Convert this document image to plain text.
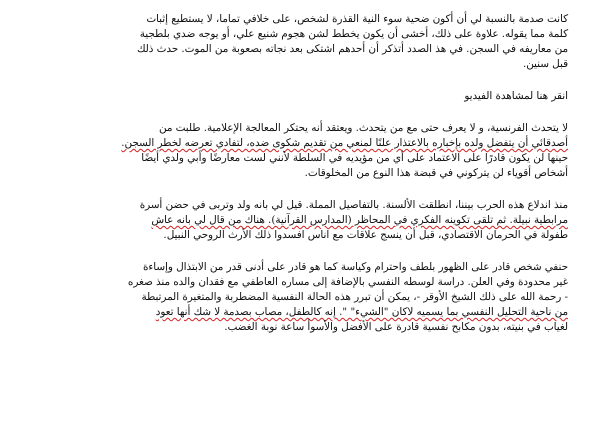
كانت صدمة بالنسبة لي أن أكون ضحية سوء النية القذرة لشخص، على خلافي تماما، لا يستطيع إثبات
كلمة مما يقوله. علاوة على ذلك، أخشى أن يكون يخطط لشن هجوم شنيع علي، أو يوجه ضدي بلطجية
من معاريفه في السجن. في هذ الصدد أتذكر أن أحدهم اشتكى بعد نجاته بصعوبة من الموت. حدث ذلك
قبل سنين.

انقر هنا لمشاهدة الفيديو

لا يتحدث الفرنسية، و لا يعرف حتى مع من يتحدث. ويعتقد أنه يحتكر المعالجة الإعلامية. طلبت من
أصدقائي أن يتفضل ولده بإخباره بالاعتذار علنًا لمنعي من تقديم شكوى ضده، لتفادي تعرضه لخطر السجن.
حينها لن يكون قادرًا على الاعتماد على أي من مؤيديه في السلطة لأنني لست معارضًا وأبي ولدي أيضًا
أشخاص أقوياء لن يتركوني في قبضة هذا النوع من المخلوقات.

منذ اندلاع هذه الحرب بيننا، انطلقت الألسنة. بالتفاصيل المملة. قيل لي بانه ولد وتربى في حضن أسرة
مرابطية نبيلة. ثم تلقى تكوينه الفكري في المحاظر (المدارس القرآنية). هناك من قال لي بانه عاش
طفولة في الحرمان الاقتصادي، قبل أن ينسج علاقات مع اناس افسدوا ذلك الأرث الروحي النبيل.

حنفي شخص قادر على الظهور بلطف واحترام وكياسة كما هو قادر على أدنى قدر من الابتذال وإساءة
غير محدودة وفي العلن. دراسة لوسطه النفسي بالإضافة إلى مساره العاطفي مع فقدان والده منذ صغره
- رحمة الله على ذلك الشيخ الأوقر -، يمكن أن تبرر هذه الحالة النفسية المضطربة والمتغيرة المرتبطة
من ناحية التحليل النفسي بما يسميه لاكان "الشيء" ". إنه كالطفل، مصاب بصدمة لا شك أنها تعود
لغياب في بنيته، بدون مكابح نفسية قادرة على الأفضل والأسوأ ساعة نوبة الغضب.
